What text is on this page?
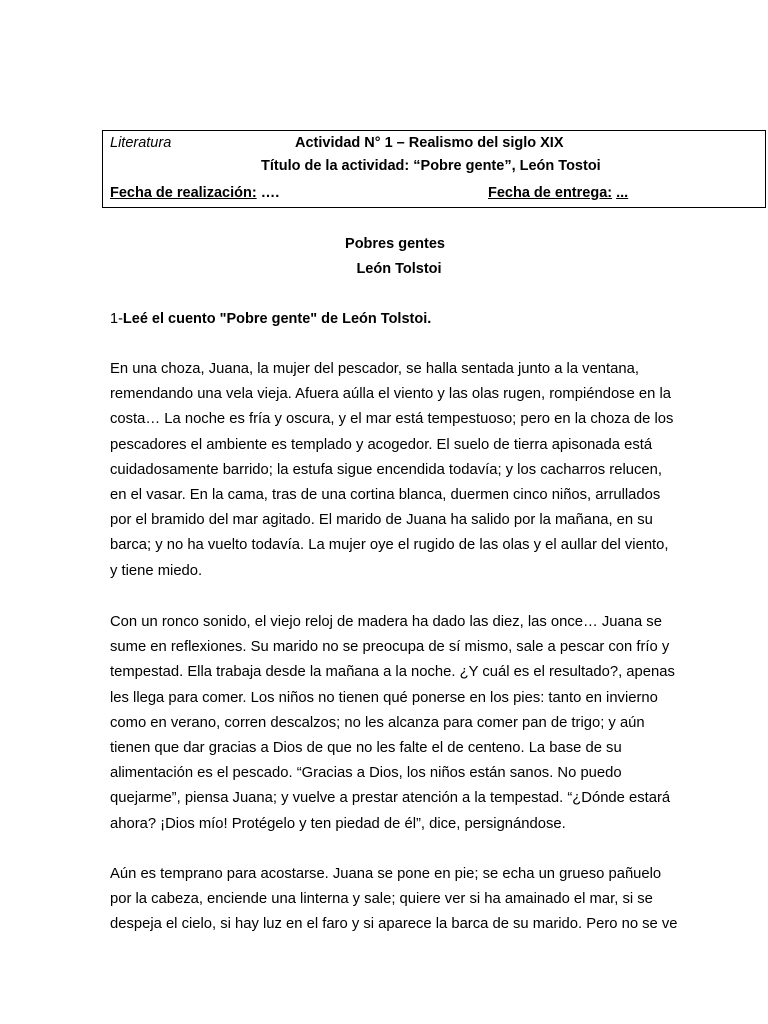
Literatura	Actividad N° 1 – Realismo del siglo XIX
Título de la actividad: “Pobre gente”, León Tostoi
Fecha de realización: ….	Fecha de entrega: ...
Pobres gentes
León Tolstoi
1-Leé el cuento "Pobre gente" de León Tolstoi.

En una choza, Juana, la mujer del pescador, se halla sentada junto a la ventana,
remendando una vela vieja. Afuera aúlla el viento y las olas rugen, rompiéndose en la
costa… La noche es fría y oscura, y el mar está tempestuoso; pero en la choza de los
pescadores el ambiente es templado y acogedor. El suelo de tierra apisonada está
cuidadosamente barrido; la estufa sigue encendida todavía; y los cacharros relucen,
en el vasar. En la cama, tras de una cortina blanca, duermen cinco niños, arrullados
por el bramido del mar agitado. El marido de Juana ha salido por la mañana, en su
barca; y no ha vuelto todavía. La mujer oye el rugido de las olas y el aullar del viento,
y tiene miedo.

Con un ronco sonido, el viejo reloj de madera ha dado las diez, las once… Juana se
sume en reflexiones. Su marido no se preocupa de sí mismo, sale a pescar con frío y
tempestad. Ella trabaja desde la mañana a la noche. ¿Y cuál es el resultado?, apenas
les llega para comer. Los niños no tienen qué ponerse en los pies: tanto en invierno
como en verano, corren descalzos; no les alcanza para comer pan de trigo; y aún
tienen que dar gracias a Dios de que no les falte el de centeno. La base de su
alimentación es el pescado. “Gracias a Dios, los niños están sanos. No puedo
quejarme”, piensa Juana; y vuelve a prestar atención a la tempestad. “¿Dónde estará
ahora? ¡Dios mío! Protégelo y ten piedad de él”, dice, persignándose.

Aún es temprano para acostarse. Juana se pone en pie; se echa un grueso pañuelo
por la cabeza, enciende una linterna y sale; quiere ver si ha amainado el mar, si se
despeja el cielo, si hay luz en el faro y si aparece la barca de su marido. Pero no se ve
